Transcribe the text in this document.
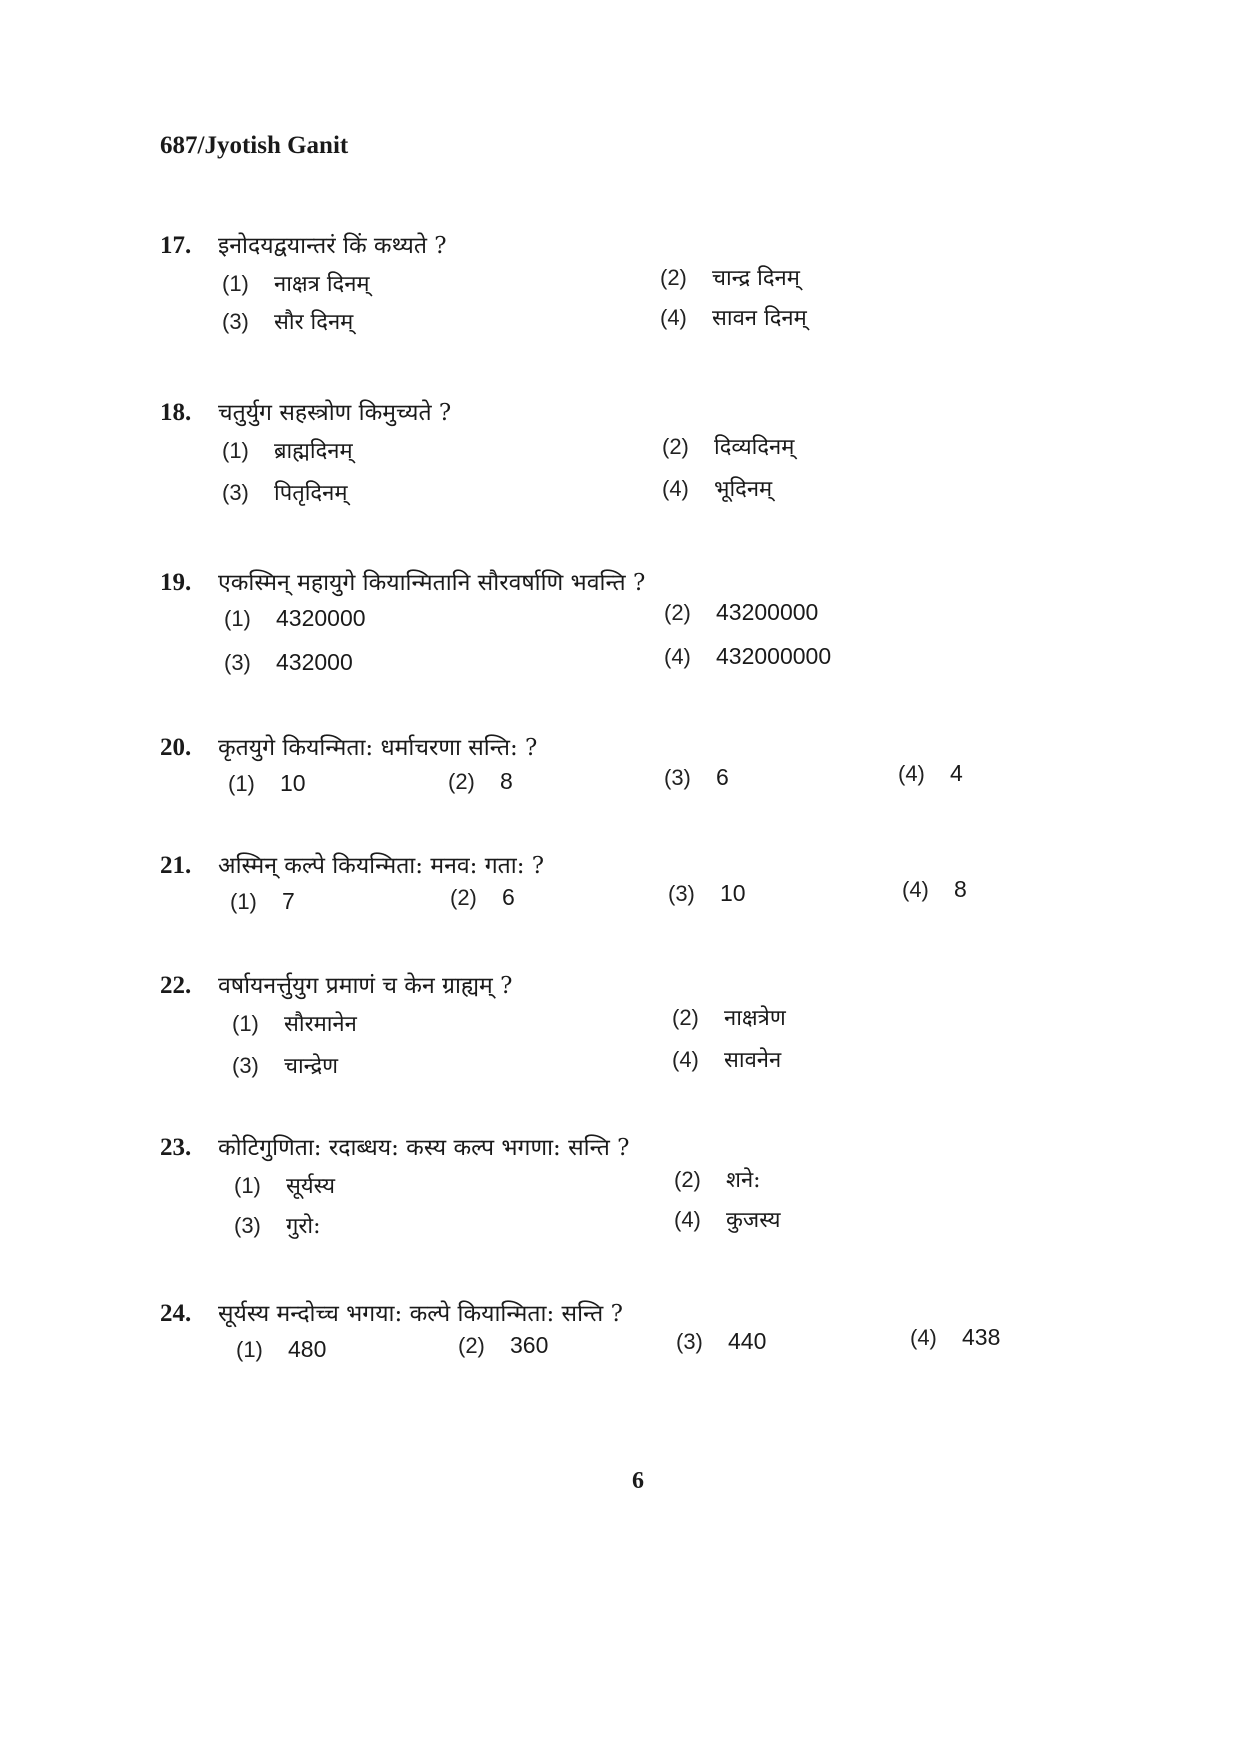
687/Jyotish Ganit
17.	इनोदयद्वयान्तरं किं कथ्यते ?
(1)	नाक्षत्र दिनम्	(2)	चान्द्र दिनम्
(3)	सौर दिनम्	(4)	सावन दिनम्
18.	चतुर्युग सहस्त्रोण किमुच्यते ?
(1)	ब्राह्मदिनम्	(2)	दिव्यदिनम्
(3)	पितृदिनम्	(4)	भूदिनम्
19.	एकस्मिन् महायुगे कियान्मितानि सौरवर्षाणि भवन्ति ?
(1)	4320000	(2)	43200000
(3)	432000	(4)	432000000
20.	कृतयुगे कियन्मिता: धर्माचरणा सन्ति: ?
(1)	10	(2)	8	(3)	6	(4)	4
21.	अस्मिन् कल्पे कियन्मिता: मनव: गता: ?
(1)	7	(2)	6	(3)	10	(4)	8
22.	वर्षायनर्त्तुयुग प्रमाणं च केन ग्राह्यम् ?
(1)	सौरमानेन	(2)	नाक्षत्रेण
(3)	चान्द्रेण	(4)	सावनेन
23.	कोटिगुणिता: रदाब्धय: कस्य कल्प भगणा: सन्ति ?
(1)	सूर्यस्य	(2)	शने:
(3)	गुरो:	(4)	कुजस्य
24.	सूर्यस्य मन्दोच्च भगया: कल्पे कियान्मिता: सन्ति ?
(1)	480	(2)	360	(3)	440	(4)	438
6
